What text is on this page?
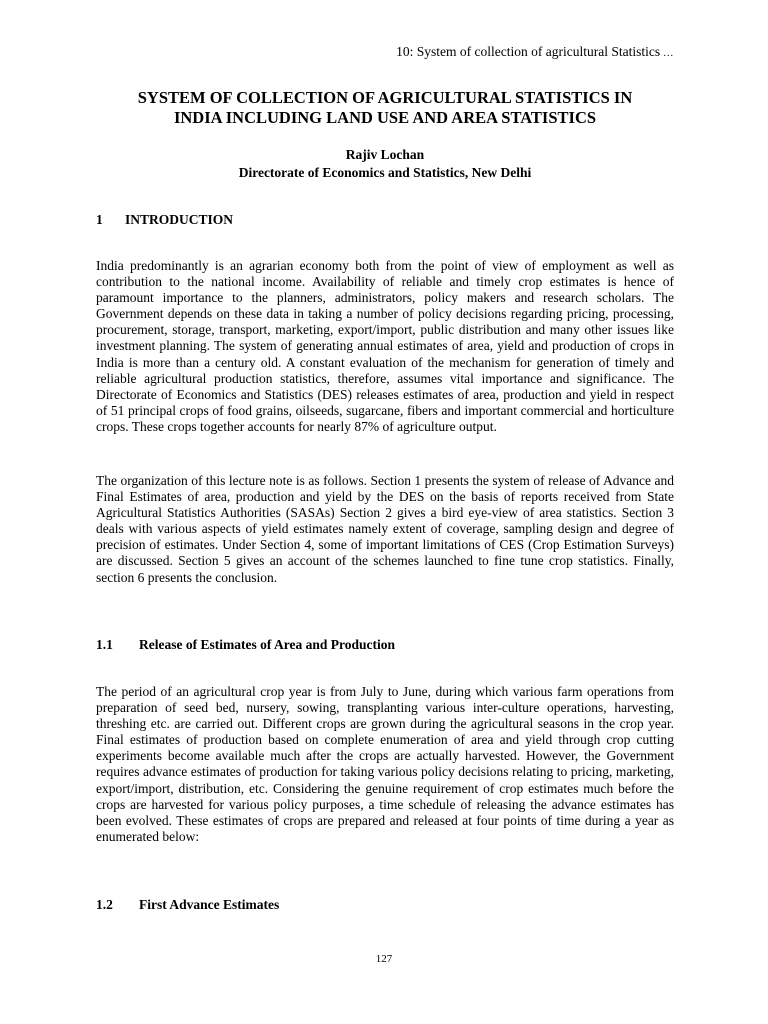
10: System of collection of agricultural Statistics ...
SYSTEM OF COLLECTION OF AGRICULTURAL STATISTICS IN
INDIA INCLUDING LAND USE AND AREA STATISTICS
Rajiv Lochan
Directorate of Economics and Statistics, New Delhi
1 INTRODUCTION

India predominantly is an agrarian economy both from the point of view of employment as well as contribution to the national income. Availability of reliable and timely crop estimates is hence of paramount importance to the planners, administrators, policy makers and research scholars. The Government depends on these data in taking a number of policy decisions regarding pricing, processing, procurement, storage, transport, marketing, export/import, public distribution and many other issues like investment planning. The system of generating annual estimates of area, yield and production of crops in India is more than a century old. A constant evaluation of the mechanism for generation of timely and reliable agricultural production statistics, therefore, assumes vital importance and significance. The Directorate of Economics and Statistics (DES) releases estimates of area, production and yield in respect of 51 principal crops of food grains, oilseeds, sugarcane, fibers and important commercial and horticulture crops. These crops together accounts for nearly 87% of agriculture output.

The organization of this lecture note is as follows. Section 1 presents the system of release of Advance and Final Estimates of area, production and yield by the DES on the basis of reports received from State Agricultural Statistics Authorities (SASAs) Section 2 gives a bird eye-view of area statistics. Section 3 deals with various aspects of yield estimates namely extent of coverage, sampling design and degree of precision of estimates. Under Section 4, some of important limitations of CES (Crop Estimation Surveys) are discussed. Section 5 gives an account of the schemes launched to fine tune crop statistics. Finally, section 6 presents the conclusion.

1.1 Release of Estimates of Area and Production

The period of an agricultural crop year is from July to June, during which various farm operations from preparation of seed bed, nursery, sowing, transplanting various inter-culture operations, harvesting, threshing etc. are carried out. Different crops are grown during the agricultural seasons in the crop year. Final estimates of production based on complete enumeration of area and yield through crop cutting experiments become available much after the crops are actually harvested. However, the Government requires advance estimates of production for taking various policy decisions relating to pricing, marketing, export/import, distribution, etc. Considering the genuine requirement of crop estimates much before the crops are harvested for various policy purposes, a time schedule of releasing the advance estimates has been evolved. These estimates of crops are prepared and released at four points of time during a year as enumerated below:

1.2 First Advance Estimates
127
